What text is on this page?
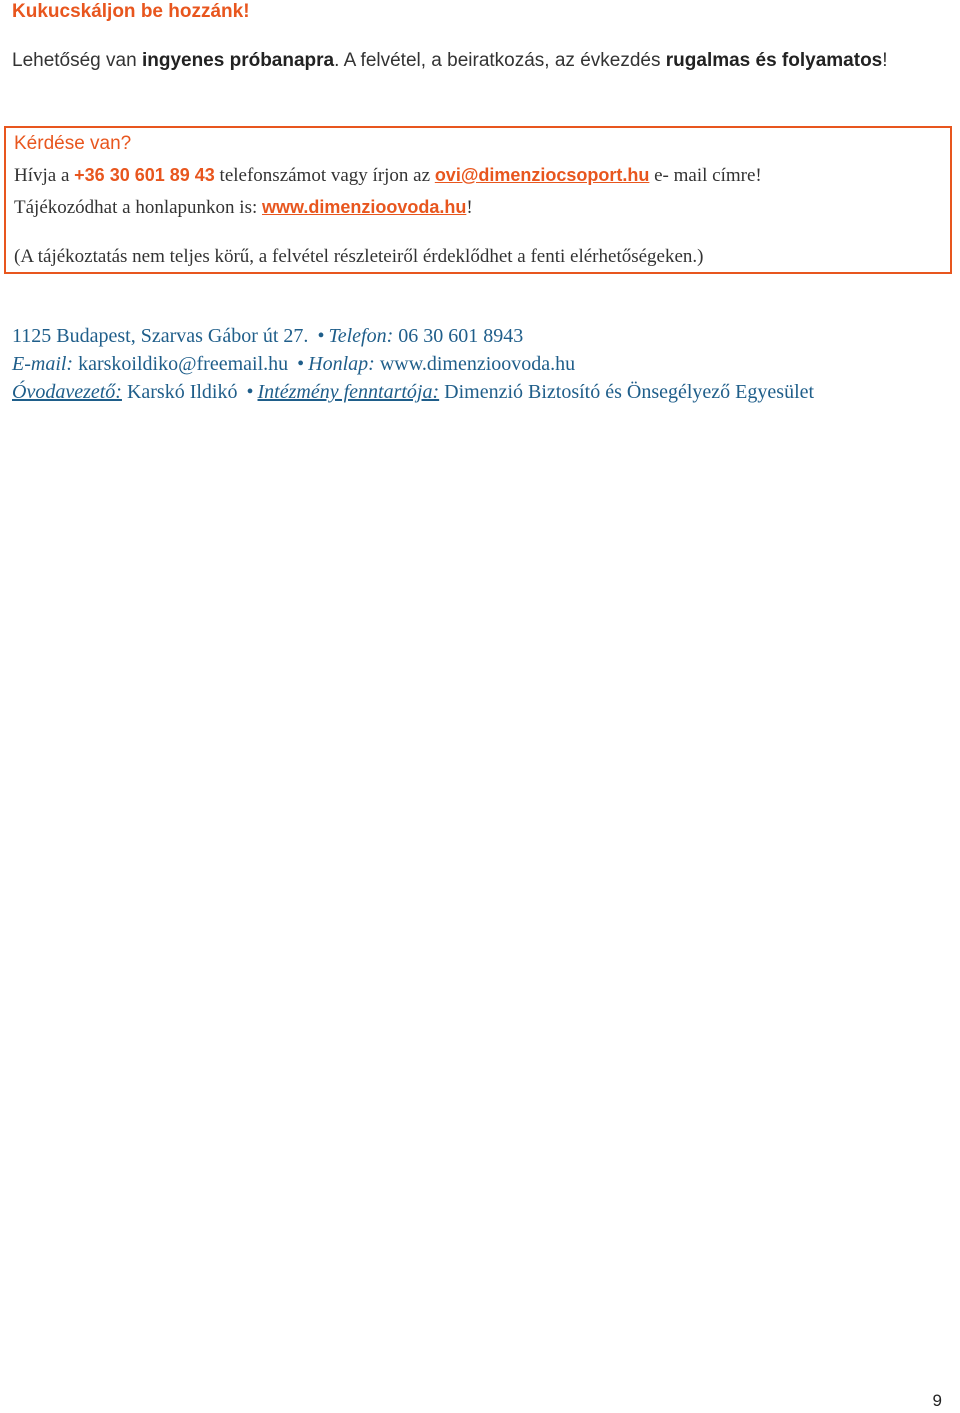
Kukucskáljon be hozzánk!
Lehetőség van ingyenes próbanapra. A felvétel, a beiratkozás, az évkezdés rugalmas és folyamatos!
Kérdése van?
Hívja a +36 30 601 89 43 telefonszámot vagy írjon az ovi@dimenziocsoport.hu e- mail címre!
Tájékozódhat a honlapunkon is: www.dimenzioovoda.hu!
(A tájékoztatás nem teljes körű, a felvétel részleteiről érdeklődhet a fenti elérhetőségeken.)
1125 Budapest, Szarvas Gábor út 27. • Telefon: 06 30 601 8943
E-mail: karskoildiko@freemail.hu • Honlap: www.dimenzioovoda.hu
Óvodavezető: Karskó Ildikó • Intézmény fenntartója: Dimenzió Biztosító és Önsegélyező Egyesület
9
